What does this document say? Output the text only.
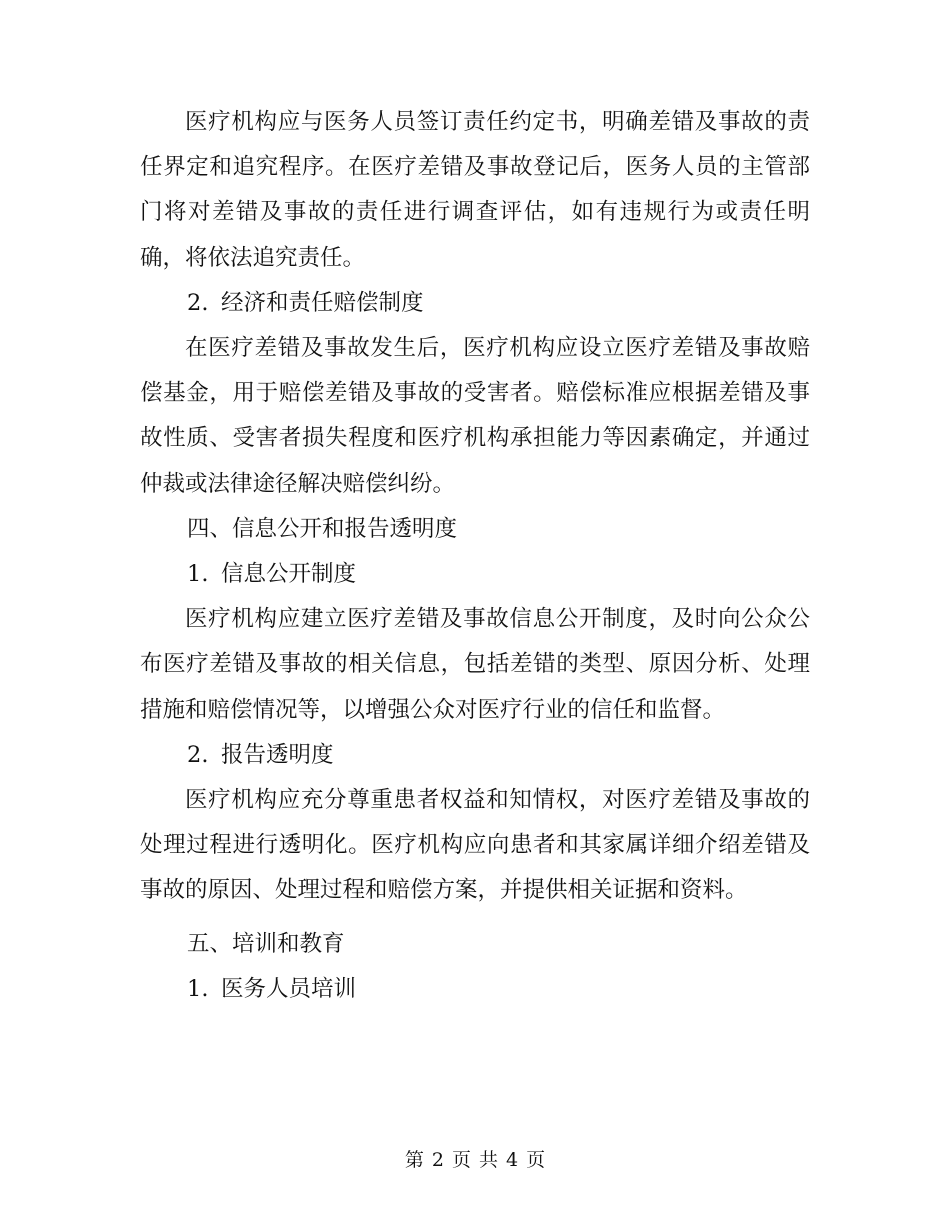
医疗机构应与医务人员签订责任约定书，明确差错及事故的责任界定和追究程序。在医疗差错及事故登记后，医务人员的主管部门将对差错及事故的责任进行调查评估，如有违规行为或责任明确，将依法追究责任。

2. 经济和责任赔偿制度

在医疗差错及事故发生后，医疗机构应设立医疗差错及事故赔偿基金，用于赔偿差错及事故的受害者。赔偿标准应根据差错及事故性质、受害者损失程度和医疗机构承担能力等因素确定，并通过仲裁或法律途径解决赔偿纠纷。

四、信息公开和报告透明度

1. 信息公开制度

医疗机构应建立医疗差错及事故信息公开制度，及时向公众公布医疗差错及事故的相关信息，包括差错的类型、原因分析、处理措施和赔偿情况等，以增强公众对医疗行业的信任和监督。

2. 报告透明度

医疗机构应充分尊重患者权益和知情权，对医疗差错及事故的处理过程进行透明化。医疗机构应向患者和其家属详细介绍差错及事故的原因、处理过程和赔偿方案，并提供相关证据和资料。

五、培训和教育

1. 医务人员培训

第 2 页 共 4 页
